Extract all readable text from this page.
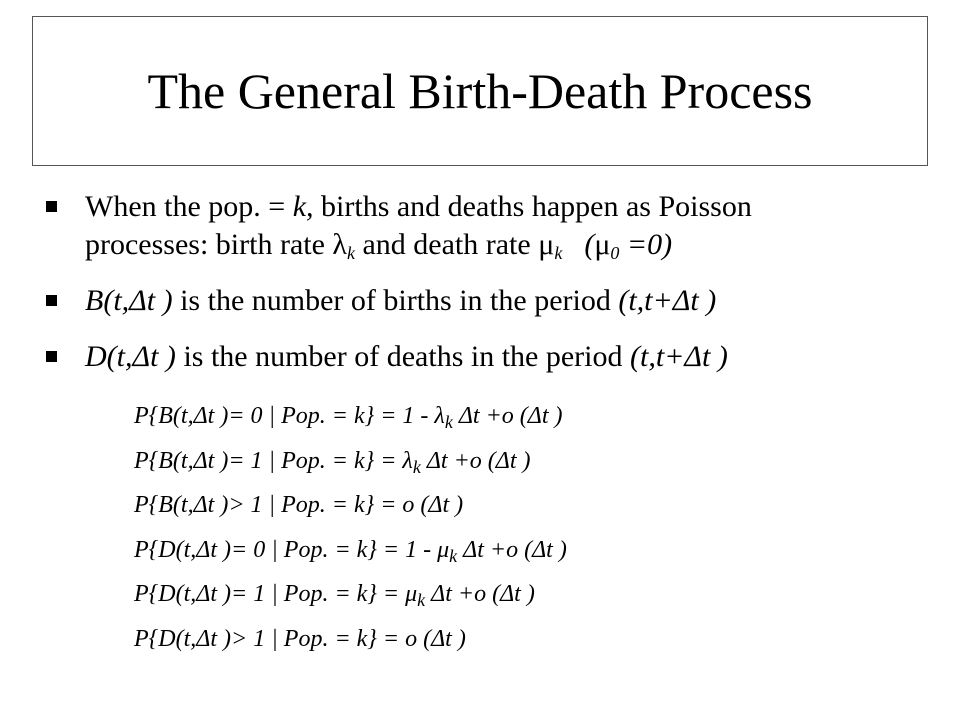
The General Birth-Death Process
When the pop. = k, births and deaths happen as Poisson
processes: birth rate $\lambda_k$ and death rate $\mu_k$ $(\mu_0 =0)$
B(t,Δt ) is the number of births in the period (t,t+Δt )
D(t,Δt ) is the number of deaths in the period (t,t+Δt )
P{B(t,Δt )= 0 | Pop. = $k\} = 1 - \lambda_k$ Δt +o (Δt )
P{B(t,Δt )= 1 | Pop. = $k\} = \lambda_k$ Δt +o (Δt )
P{B(t,Δt )> 1 | Pop. = k} = o (Δt )
P{D(t,Δt )= 0 | Pop. = $k\} = 1 - \mu_k$ Δt +o (Δt )
P{D(t,Δt )= 1 | Pop. = $k\} = \mu_k$ Δt +o (Δt )
P{D(t,Δt )> 1 | Pop. = k} = o (Δt )
